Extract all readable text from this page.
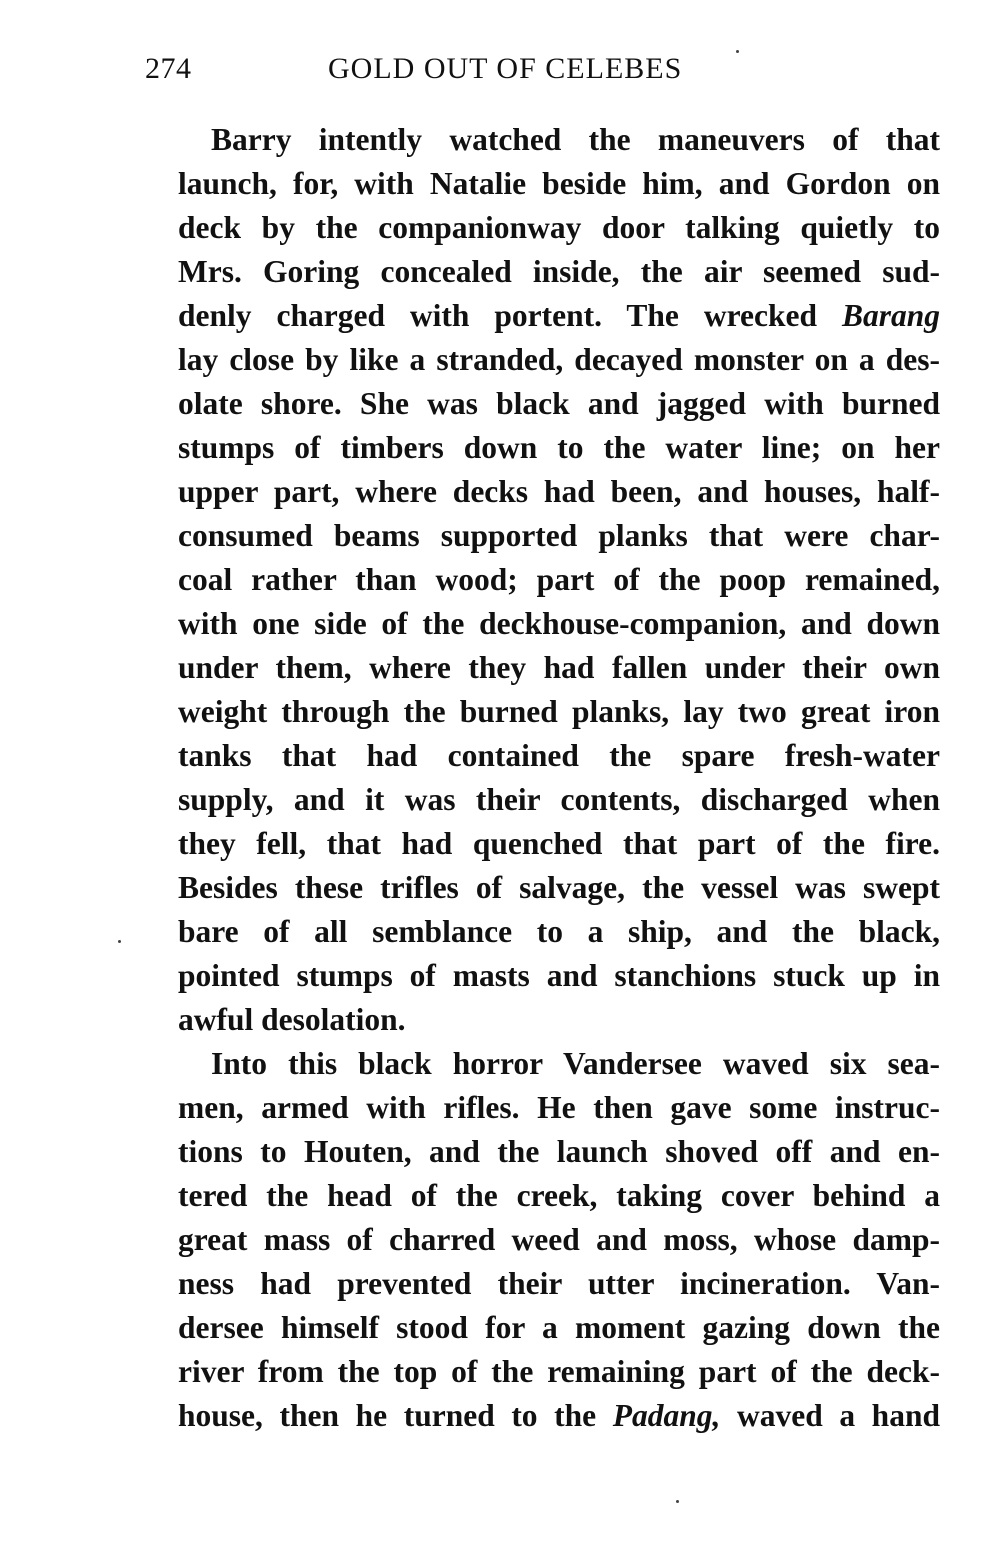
274	GOLD OUT OF CELEBES
Barry intently watched the maneuvers of that
launch, for, with Natalie beside him, and Gordon on
deck by the companionway door talking quietly to
Mrs. Goring concealed inside, the air seemed sud-
denly charged with portent. The wrecked Barang
lay close by like a stranded, decayed monster on a des-
olate shore. She was black and jagged with burned
stumps of timbers down to the water line; on her
upper part, where decks had been, and houses, half-
consumed beams supported planks that were char-
coal rather than wood; part of the poop remained,
with one side of the deckhouse-companion, and down
under them, where they had fallen under their own
weight through the burned planks, lay two great iron
tanks that had contained the spare fresh-water
supply, and it was their contents, discharged when
they fell, that had quenched that part of the fire.
Besides these trifles of salvage, the vessel was swept
bare of all semblance to a ship, and the black,
pointed stumps of masts and stanchions stuck up in
awful desolation.
Into this black horror Vandersee waved six sea-
men, armed with rifles. He then gave some instruc-
tions to Houten, and the launch shoved off and en-
tered the head of the creek, taking cover behind a
great mass of charred weed and moss, whose damp-
ness had prevented their utter incineration. Van-
dersee himself stood for a moment gazing down the
river from the top of the remaining part of the deck-
house, then he turned to the Padang, waved a hand
